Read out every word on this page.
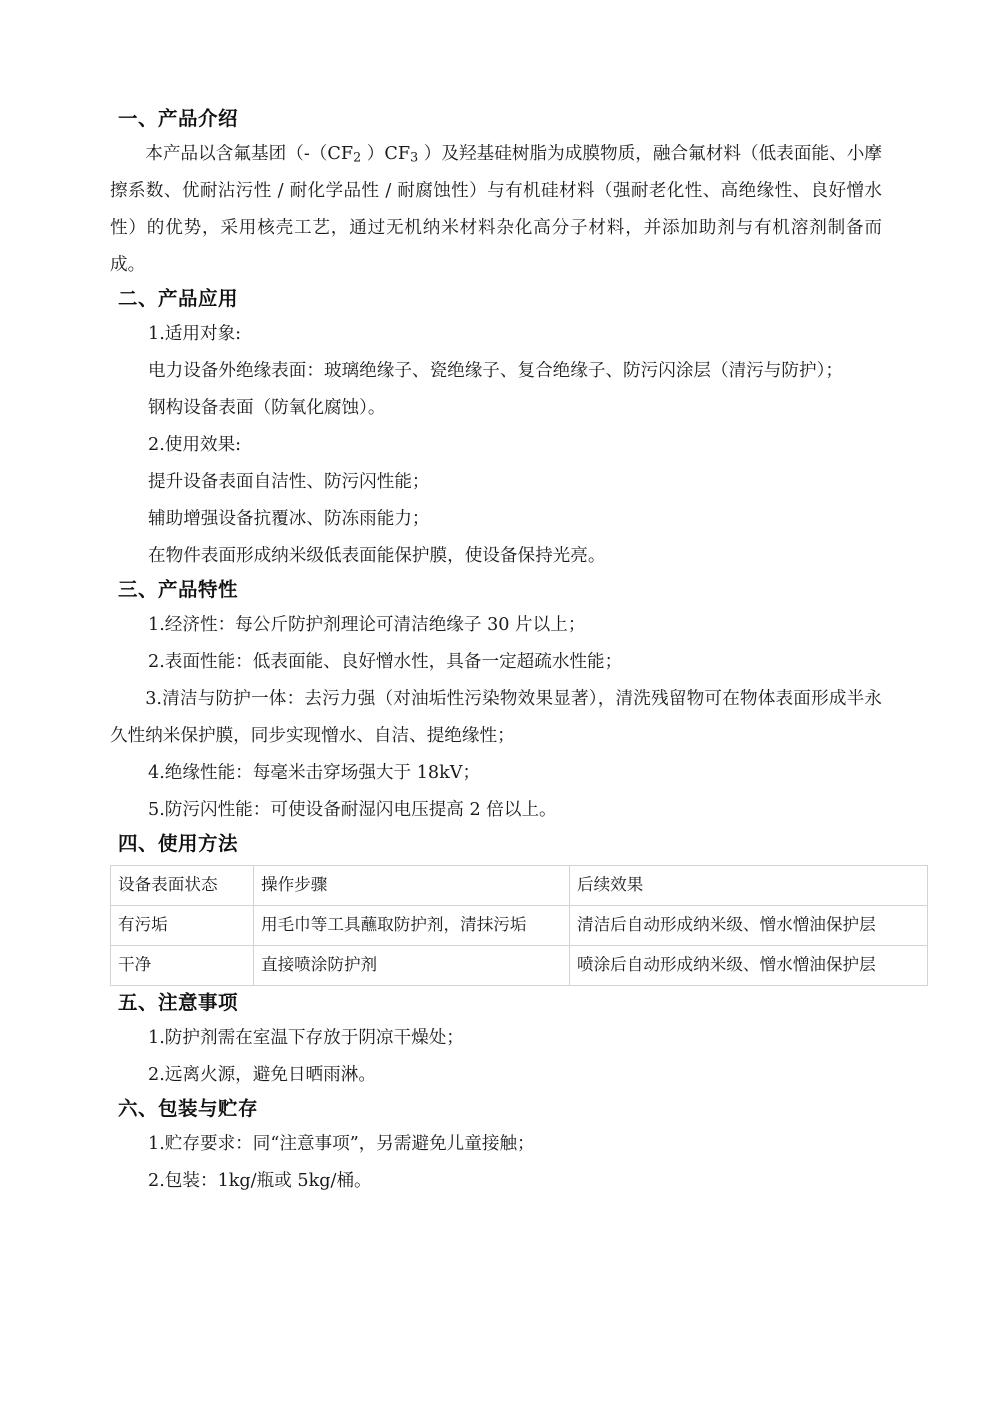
一、产品介绍

本产品以含氟基团（$-(CF_2$ ）$CF_3$ ）及羟基硅树脂为成膜物质，融合氟材料（低表面能、小摩擦系数、优耐沾污性 / 耐化学品性 / 耐腐蚀性）与有机硅材料（强耐老化性、高绝缘性、良好憎水性）的优势，采用核壳工艺，通过无机纳米材料杂化高分子材料，并添加助剂与有机溶剂制备而成。

二、产品应用
1.适用对象:
电力设备外绝缘表面：玻璃绝缘子、瓷绝缘子、复合绝缘子、防污闪涂层（清污与防护）；
钢构设备表面（防氧化腐蚀）。
2.使用效果:
提升设备表面自洁性、防污闪性能；
辅助增强设备抗覆冰、防冻雨能力；
在物件表面形成纳米级低表面能保护膜，使设备保持光亮。
三、产品特性
1.经济性：每公斤防护剂理论可清洁绝缘子 30 片以上；
2.表面性能：低表面能、良好憎水性，具备一定超疏水性能；
3.清洁与防护一体：去污力强（对油垢性污染物效果显著），清洗残留物可在物体表面形成半永久性纳米保护膜，同步实现憎水、自洁、提绝缘性；
4.绝缘性能：每毫米击穿场强大于 18kV；
5.防污闪性能：可使设备耐湿闪电压提高 2 倍以上。
四、使用方法
设备表面状态	操作步骤	后续效果
有污垢	用毛巾等工具蘸取防护剂，清抹污垢	清洁后自动形成纳米级、憎水憎油保护层
干净	直接喷涂防护剂	喷涂后自动形成纳米级、憎水憎油保护层
五、注意事项
1.防护剂需在室温下存放于阴凉干燥处；
2.远离火源，避免日晒雨淋。
六、包装与贮存
1.贮存要求：同“注意事项”，另需避免儿童接触；
2.包装：1kg/瓶或 5kg/桶。
